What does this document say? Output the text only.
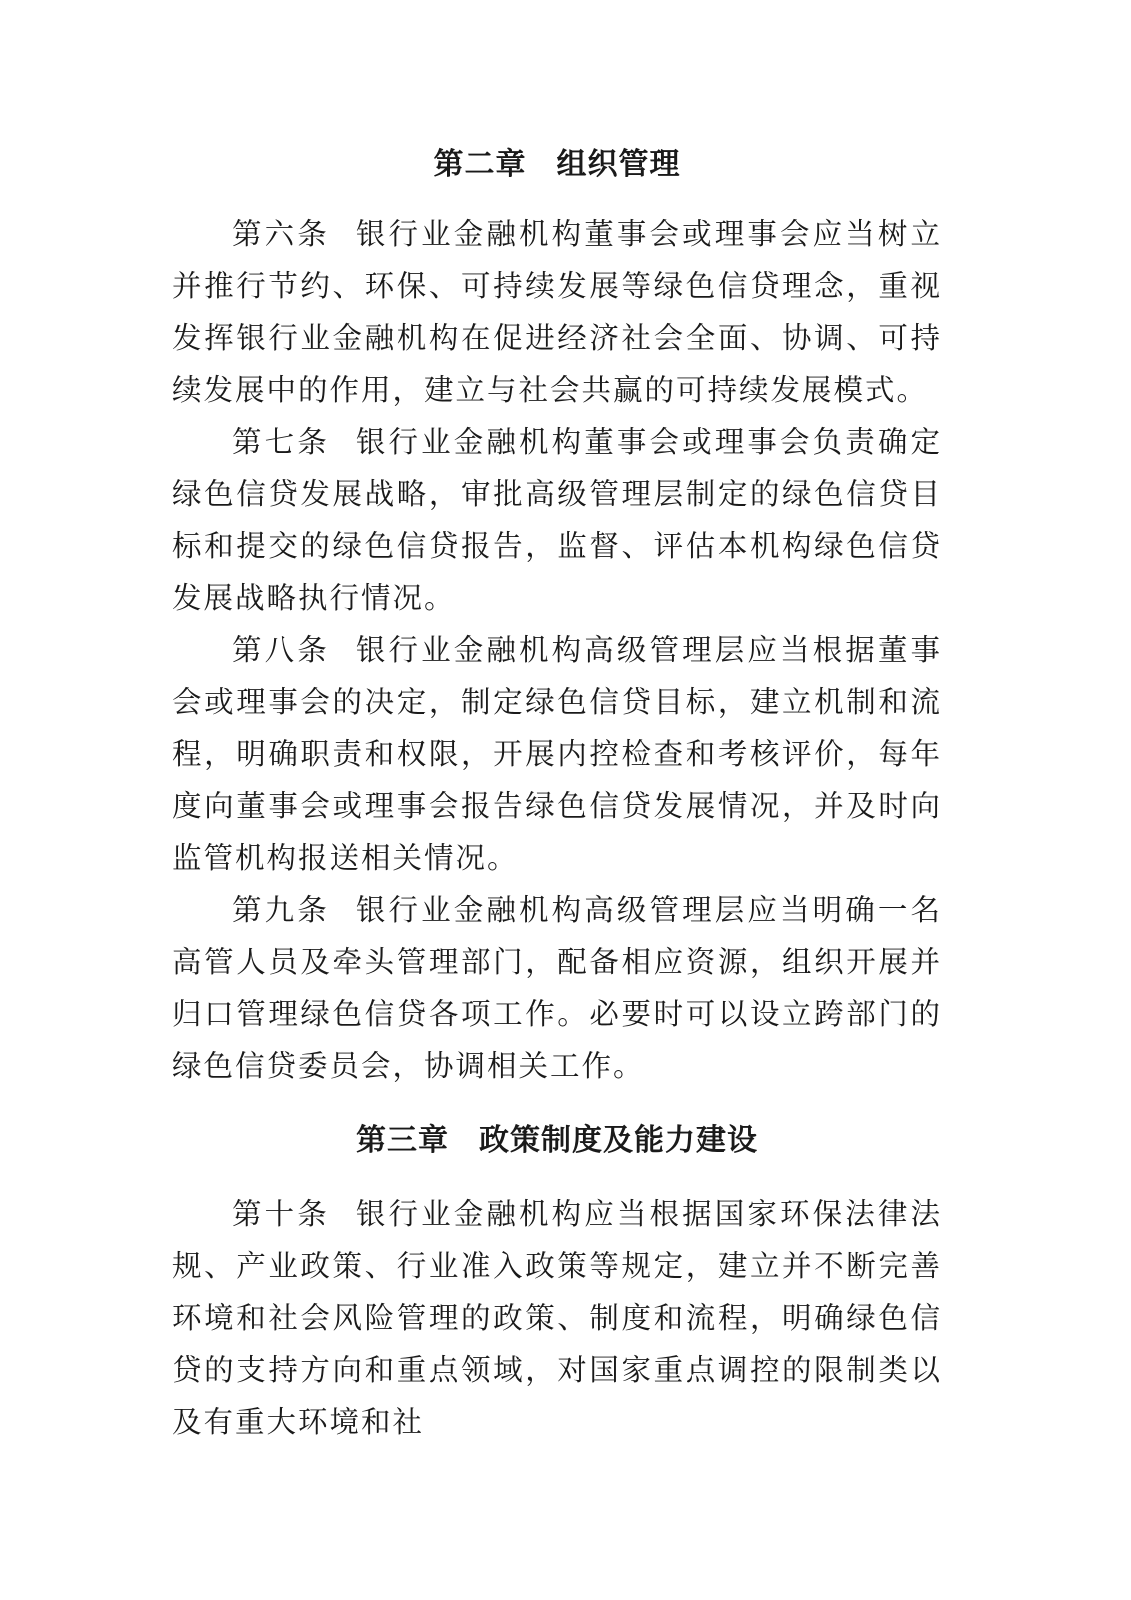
第二章 组织管理

第六条 银行业金融机构董事会或理事会应当树立并推行节约、环保、可持续发展等绿色信贷理念，重视发挥银行业金融机构在促进经济社会全面、协调、可持续发展中的作用，建立与社会共赢的可持续发展模式。

第七条 银行业金融机构董事会或理事会负责确定绿色信贷发展战略，审批高级管理层制定的绿色信贷目标和提交的绿色信贷报告，监督、评估本机构绿色信贷发展战略执行情况。

第八条 银行业金融机构高级管理层应当根据董事会或理事会的决定，制定绿色信贷目标，建立机制和流程，明确职责和权限，开展内控检查和考核评价，每年度向董事会或理事会报告绿色信贷发展情况，并及时向监管机构报送相关情况。

第九条 银行业金融机构高级管理层应当明确一名高管人员及牵头管理部门，配备相应资源，组织开展并归口管理绿色信贷各项工作。必要时可以设立跨部门的绿色信贷委员会，协调相关工作。

第三章 政策制度及能力建设

第十条 银行业金融机构应当根据国家环保法律法规、产业政策、行业准入政策等规定，建立并不断完善环境和社会风险管理的政策、制度和流程，明确绿色信贷的支持方向和重点领域，对国家重点调控的限制类以及有重大环境和社
